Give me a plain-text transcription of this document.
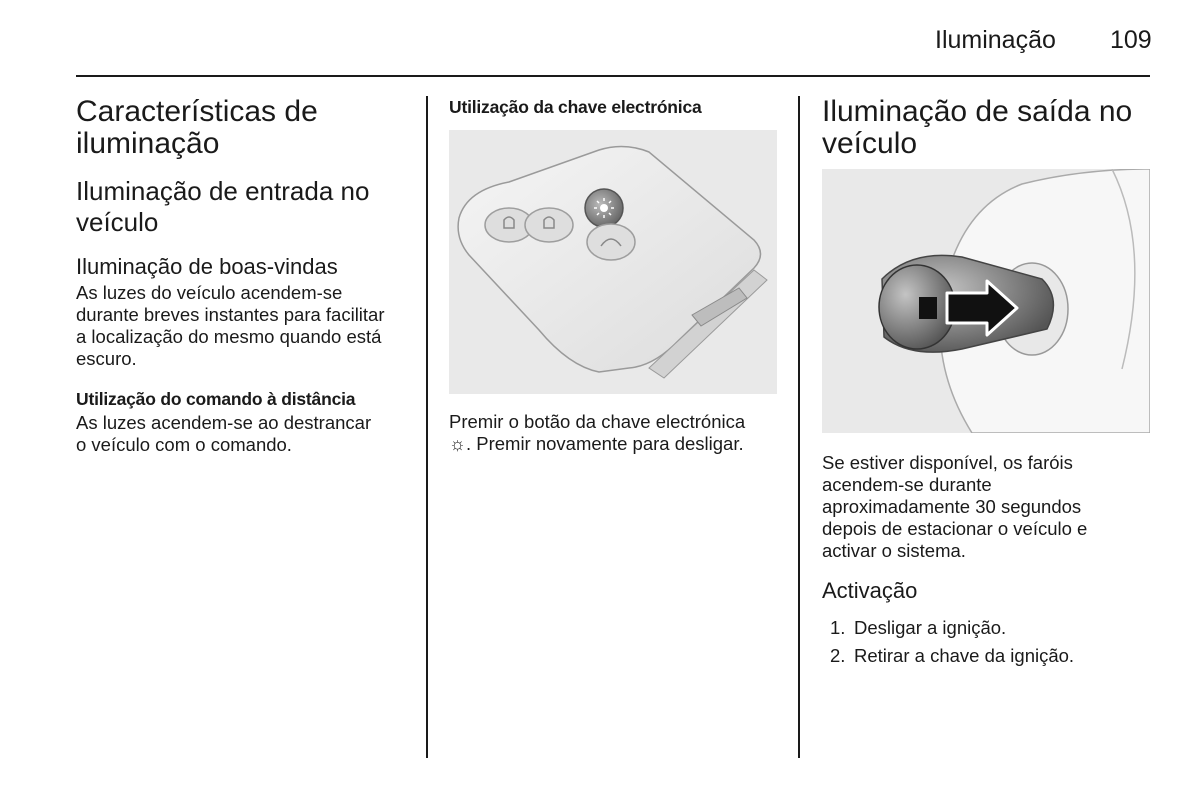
Iluminação 109
Características de
iluminação
Iluminação de entrada no
veículo
Iluminação de boas-vindas

As luzes do veículo acendem-se
durante breves instantes para facilitar
a localização do mesmo quando está
escuro.

Utilização do comando à distância

As luzes acendem-se ao destrancar
o veículo com o comando.

Utilização da chave electrónica

Premir o botão da chave electrónica
☼. Premir novamente para desligar.

Iluminação de saída no
veículo

Se estiver disponível, os faróis
acendem-se durante
aproximadamente 30 segundos
depois de estacionar o veículo e
activar o sistema.

Activação

1. Desligar a ignição.

2. Retirar a chave da ignição.
